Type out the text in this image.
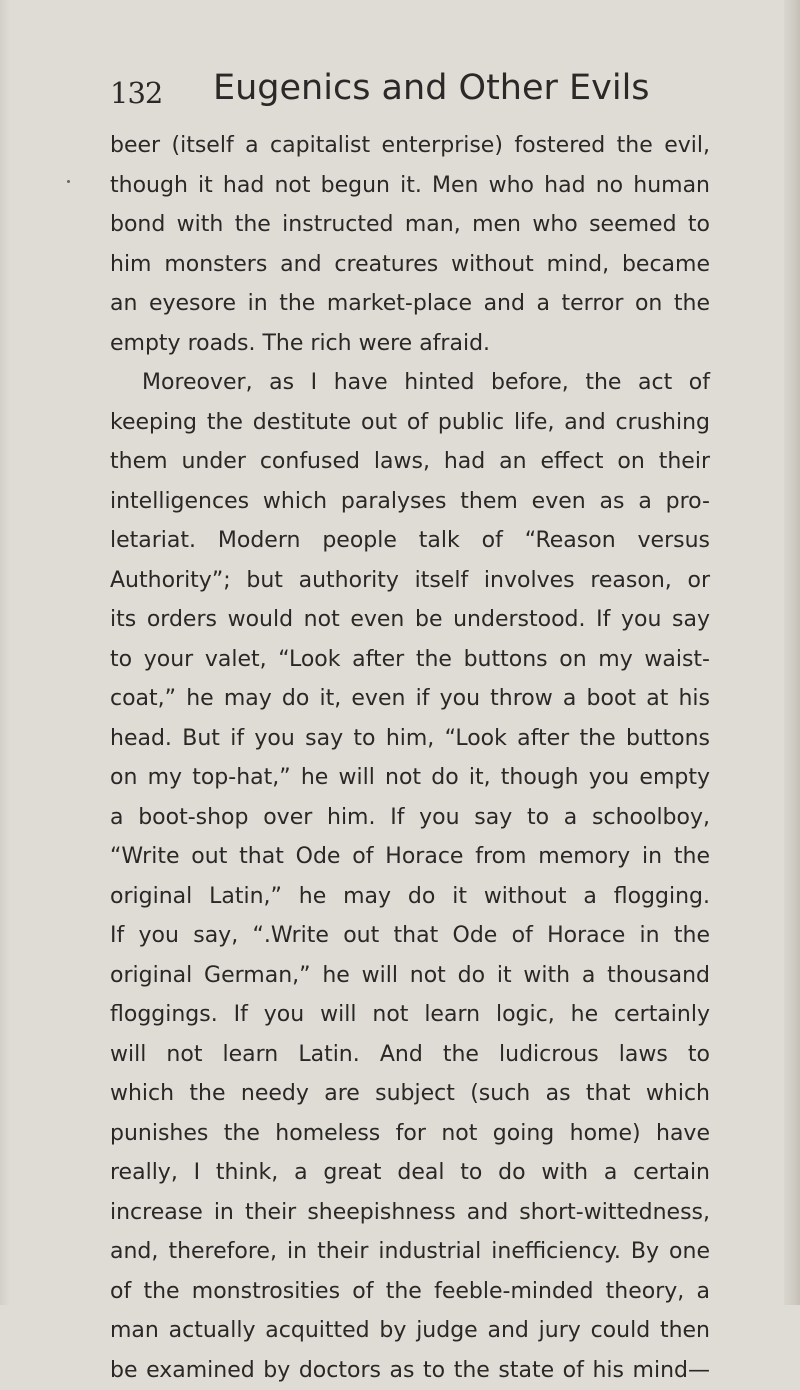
132 Eugenics and Other Evils
beer (itself a capitalist enterprise) fostered the evil,
though it had not begun it. Men who had no human
bond with the instructed man, men who seemed to
him monsters and creatures without mind, became
an eyesore in the market-place and a terror on the
empty roads. The rich were afraid.
Moreover, as I have hinted before, the act of
keeping the destitute out of public life, and crushing
them under confused laws, had an effect on their
intelligences which paralyses them even as a pro-
letariat. Modern people talk of “Reason versus
Authority”; but authority itself involves reason, or
its orders would not even be understood. If you say
to your valet, “Look after the buttons on my waist-
coat,” he may do it, even if you throw a boot at his
head. But if you say to him, “Look after the buttons
on my top-hat,” he will not do it, though you empty
a boot-shop over him. If you say to a schoolboy,
“Write out that Ode of Horace from memory in the
original Latin,” he may do it without a flogging.
If you say, “.Write out that Ode of Horace in the
original German,” he will not do it with a thousand
floggings. If you will not learn logic, he certainly
will not learn Latin. And the ludicrous laws to
which the needy are subject (such as that which
punishes the homeless for not going home) have
really, I think, a great deal to do with a certain
increase in their sheepishness and short-wittedness,
and, therefore, in their industrial inefficiency. By one
of the monstrosities of the feeble-minded theory, a
man actually acquitted by judge and jury could then
be examined by doctors as to the state of his mind—
